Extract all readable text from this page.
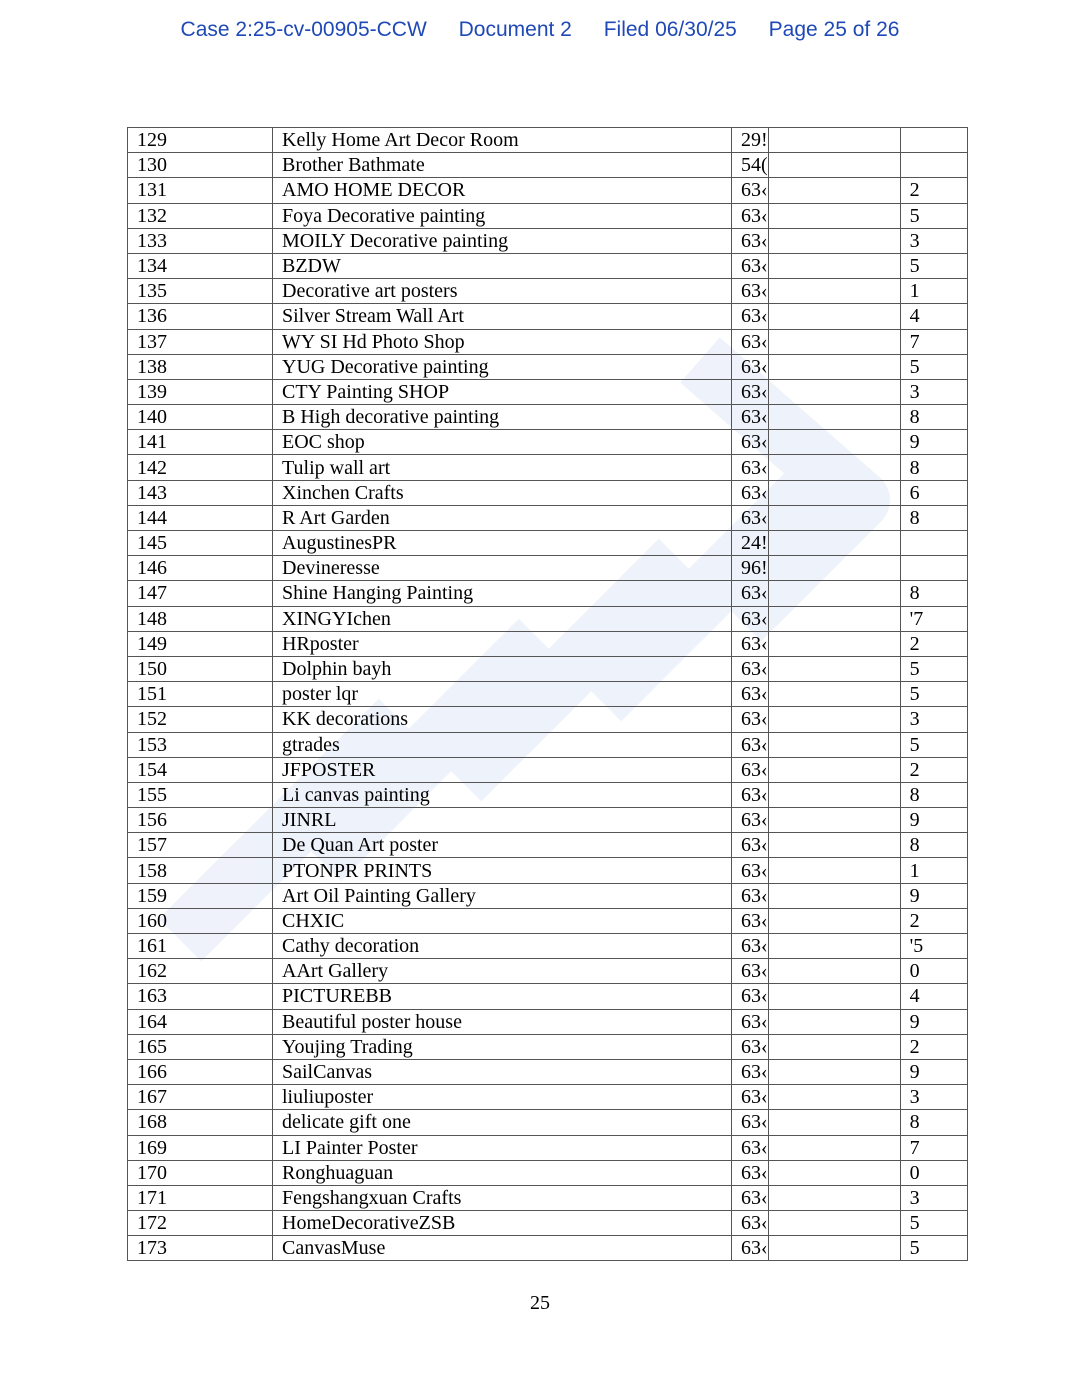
Case 2:25-cv-00905-CCW Document 2 Filed 06/30/25 Page 25 of 26
129	Kelly Home Art Decor Room	29!		
130	Brother Bathmate	54(		
131	AMO HOME DECOR	63‹		2
132	Foya Decorative painting	63‹		5
133	MOILY Decorative painting	63‹		3
134	BZDW	63‹		5
135	Decorative art posters	63‹		1
136	Silver Stream Wall Art	63‹		4
137	WY SI Hd Photo Shop	63‹		7
138	YUG Decorative painting	63‹		5
139	CTY Painting SHOP	63‹		3
140	B High decorative painting	63‹		8
141	EOC shop	63‹		9
142	Tulip wall art	63‹		8
143	Xinchen Crafts	63‹		6
144	R Art Garden	63‹		8
145	AugustinesPR	24!		
146	Devineresse	96!		
147	Shine Hanging Painting	63‹		8
148	XINGYIchen	63‹		'7
149	HRposter	63‹		2
150	Dolphin bayh	63‹		5
151	poster lqr	63‹		5
152	KK decorations	63‹		3
153	gtrades	63‹		5
154	JFPOSTER	63‹		2
155	Li canvas painting	63‹		8
156	JINRL	63‹		9
157	De Quan Art poster	63‹		8
158	PTONPR PRINTS	63‹		1
159	Art Oil Painting Gallery	63‹		9
160	CHXIC	63‹		2
161	Cathy decoration	63‹		'5
162	AArt Gallery	63‹		0
163	PICTUREBB	63‹		4
164	Beautiful poster house	63‹		9
165	Youjing Trading	63‹		2
166	SailCanvas	63‹		9
167	liuliuposter	63‹		3
168	delicate gift one	63‹		8
169	LI Painter Poster	63‹		7
170	Ronghuaguan	63‹		0
171	Fengshangxuan Crafts	63‹		3
172	HomeDecorativeZSB	63‹		5
173	CanvasMuse	63‹		5
25
